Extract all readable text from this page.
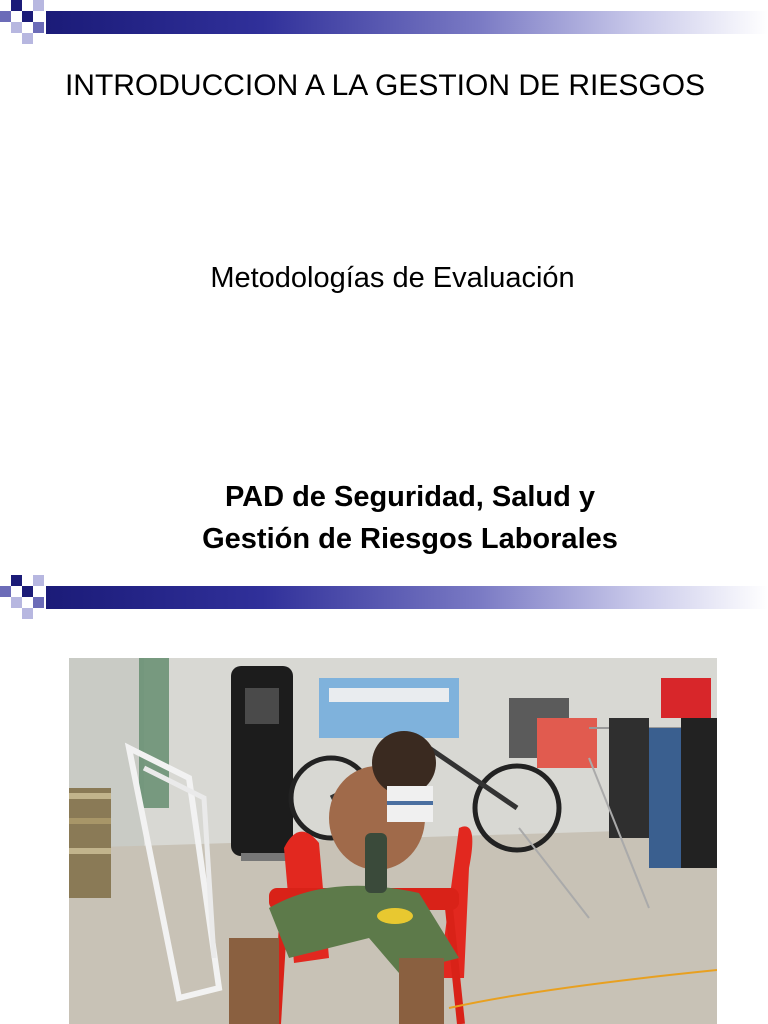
INTRODUCCION A LA GESTION DE RIESGOS

Metodologías de Evaluación

PAD de Seguridad, Salud y
Gestión de Riesgos Laborales
